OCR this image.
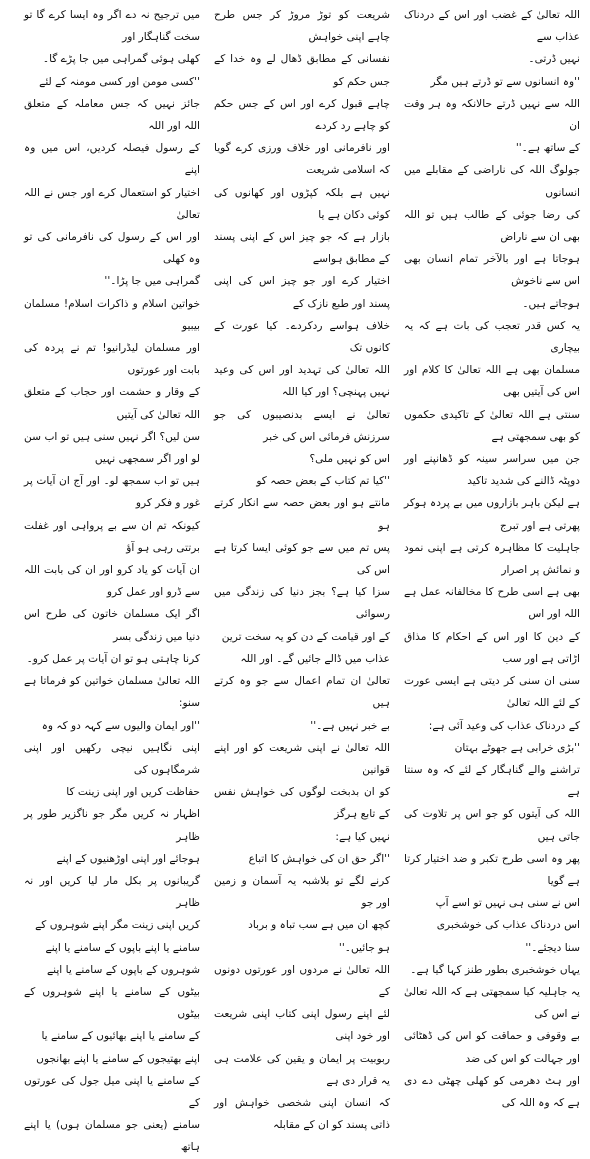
اللہ تعالیٰ کے غضب اور اس کے دردناک عذاب سے

نہیں ڈرتی۔

''وہ انسانوں سے تو ڈرتے ہیں مگر

اللہ سے نہیں ڈرتے حالانکہ وہ ہر وقت ان

کے ساتھ ہے۔''

جولوگ اللہ کی ناراضی کے مقابلے میں انسانوں

کی رضا جوئی کے طالب ہیں تو اللہ بھی ان سے ناراض

ہوجاتا ہے اور بالآخر تمام انسان بھی اس سے ناخوش

ہوجاتے ہیں۔

یہ کس قدر تعجب کی بات ہے کہ یہ بیچاری

مسلمان بھی ہے اللہ تعالیٰ کا کلام اور اس کی آیتیں بھی

سنتی ہے اللہ تعالیٰ کے تاکیدی حکموں کو بھی سمجھتی ہے

جن میں سراسر سینہ کو ڈھانپنے اور دوپٹہ ڈالنے کی شدید تاکید

ہے لیکن باہر بازاروں میں بے پردہ ہوکر پھرتی ہے اور تبرج

جاہلیت کا مظاہرہ کرتی ہے اپنی نمود و نمائش پر اصرار

بھی ہے اسی طرح کا مخالفانہ عمل ہے اللہ اور اس

کے دین کا اور اس کے احکام کا مذاق اڑاتی ہے اور سب

سنی ان سنی کر دیتی ہے ایسی عورت کے لئے اللہ تعالیٰ

کے دردناک عذاب کی وعید آئی ہے:

''بڑی خرابی ہے جھوٹے بہتان

تراشنے والے گناہگار کے لئے کہ وہ سنتا ہے

اللہ کی آیتوں کو جو اس پر تلاوت کی جاتی ہیں

پھر وہ اسی طرح تکبر و ضد اختیار کرتا ہے گویا

اس نے سنی ہی نہیں تو اسے آپ

اس دردناک عذاب کی خوشخبری

سنا دیجئے۔''

یہاں خوشخبری بطور طنز کہا گیا ہے۔

یہ جاہلیہ کیا سمجھتی ہے کہ اللہ تعالیٰ نے اس کی

بے وقوفی و حماقت کو اس کی ڈھٹائی اور جہالت کو اس کی ضد

اور ہٹ دھرمی کو کھلی چھٹی دے دی ہے کہ وہ اللہ کی

شریعت کو توڑ مروڑ کر جس طرح چاہے اپنی خواہش

نفسانی کے مطابق ڈھال لے وہ خدا کے جس حکم کو

چاہے قبول کرے اور اس کے جس حکم کو چاہے رد کردے

اور نافرمانی اور خلاف ورزی کرے گویا کہ اسلامی شریعت

نہیں ہے بلکہ کپڑوں اور کھانوں کی کوئی دکان ہے یا

بازار ہے کہ جو چیز اس کے اپنی پسند کے مطابق ہواسے

اختیار کرے اور جو چیز اس کی اپنی پسند اور طبع نازک کے

خلاف ہواسے ردکردے۔ کیا عورت کے کانوں تک

اللہ تعالیٰ کی تہدید اور اس کی وعید نہیں پہنچی؟ اور کیا اللہ

تعالیٰ نے ایسے بدنصیبوں کی جو سرزنش فرمائی اس کی خبر

اس کو نہیں ملی؟

''کیا تم کتاب کے بعض حصہ کو

مانتے ہو اور بعض حصہ سے انکار کرتے ہو

پس تم میں سے جو کوئی ایسا کرتا ہے اس کی

سزا کیا ہے؟ بجز دنیا کی زندگی میں رسوائی

کے اور قیامت کے دن کو یہ سخت ترین

عذاب میں ڈالے جائیں گے۔ اور اللہ

تعالیٰ ان تمام اعمال سے جو وہ کرتے ہیں

بے خبر نہیں ہے۔''

اللہ تعالیٰ نے اپنی شریعت کو اور اپنے قوانین

کو ان بدبخت لوگوں کی خواہش نفس کے تابع ہرگز

نہیں کیا ہے:

''اگر حق ان کی خواہش کا اتباع

کرنے لگے تو بلاشبہ یہ آسمان و زمین اور جو

کچھ ان میں ہے سب تباہ و برباد

ہو جائیں۔''

اللہ تعالیٰ نے مردوں اور عورتوں دونوں کے

لئے اپنے رسول اپنی کتاب اپنی شریعت اور خود اپنی

ربوبیت پر ایمان و یقین کی علامت ہی یہ قرار دی ہے

کہ انسان اپنی شخصی خواہش اور ذاتی پسند کو ان کے مقابلہ

میں ترجیح نہ دے اگر وہ ایسا کرے گا تو سخت گناہگار اور

کھلی ہوئی گمراہی میں جا پڑے گا۔

''کسی مومن اور کسی مومنہ کے لئے

جائز نہیں کہ جس معاملہ کے متعلق اللہ اور اللہ

کے رسول فیصلہ کردیں، اس میں وہ اپنے

اختیار کو استعمال کرے اور جس نے اللہ تعالیٰ

اور اس کے رسول کی نافرمانی کی تو وہ کھلی

گمراہی میں جا پڑا۔''

خواتین اسلام و ذاکرات اسلام! مسلمان بیبیو

اور مسلمان لیڈرانیو! تم نے پردہ کی بابت اور عورتوں

کے وقار و حشمت اور حجاب کے متعلق اللہ تعالیٰ کی آیتیں

سن لیں؟ اگر نہیں سنی ہیں تو اب سن لو اور اگر سمجھی نہیں

ہیں تو اب سمجھ لو۔ اور آج ان آیات پر غور و فکر کرو

کیونکہ تم ان سے بے پرواہی اور غفلت برتتی رہی ہو آؤ

ان آیات کو یاد کرو اور ان کی بابت اللہ سے ڈرو اور عمل کرو

اگر ایک مسلمان خاتون کی طرح اس دنیا میں زندگی بسر

کرنا چاہتی ہو تو ان آیات پر عمل کرو۔

اللہ تعالیٰ مسلمان خواتین کو فرماتا ہے سنو:

''اور ایمان والیوں سے کہہ دو کہ وہ

اپنی نگاہیں نیچی رکھیں اور اپنی شرمگاہوں کی

حفاظت کریں اور اپنی زینت کا

اظہار نہ کریں مگر جو ناگزیر طور پر ظاہر

ہوجائے اور اپنی اوڑھنیوں کے اپنے

گریبانوں پر بکل مار لیا کریں اور نہ ظاہر

کریں اپنی زینت مگر اپنے شوہروں کے

سامنے یا اپنے باپوں کے سامنے یا اپنے

شوہروں کے باپوں کے سامنے یا اپنے

بیٹوں کے سامنے یا اپنے شوہروں کے بیٹوں

کے سامنے یا اپنے بھائیوں کے سامنے یا

اپنے بھتیجوں کے سامنے یا اپنے بھانجوں

کے سامنے یا اپنی میل جول کی عورتوں کے

سامنے (یعنی جو مسلمان ہوں) یا اپنے ہاتھ
